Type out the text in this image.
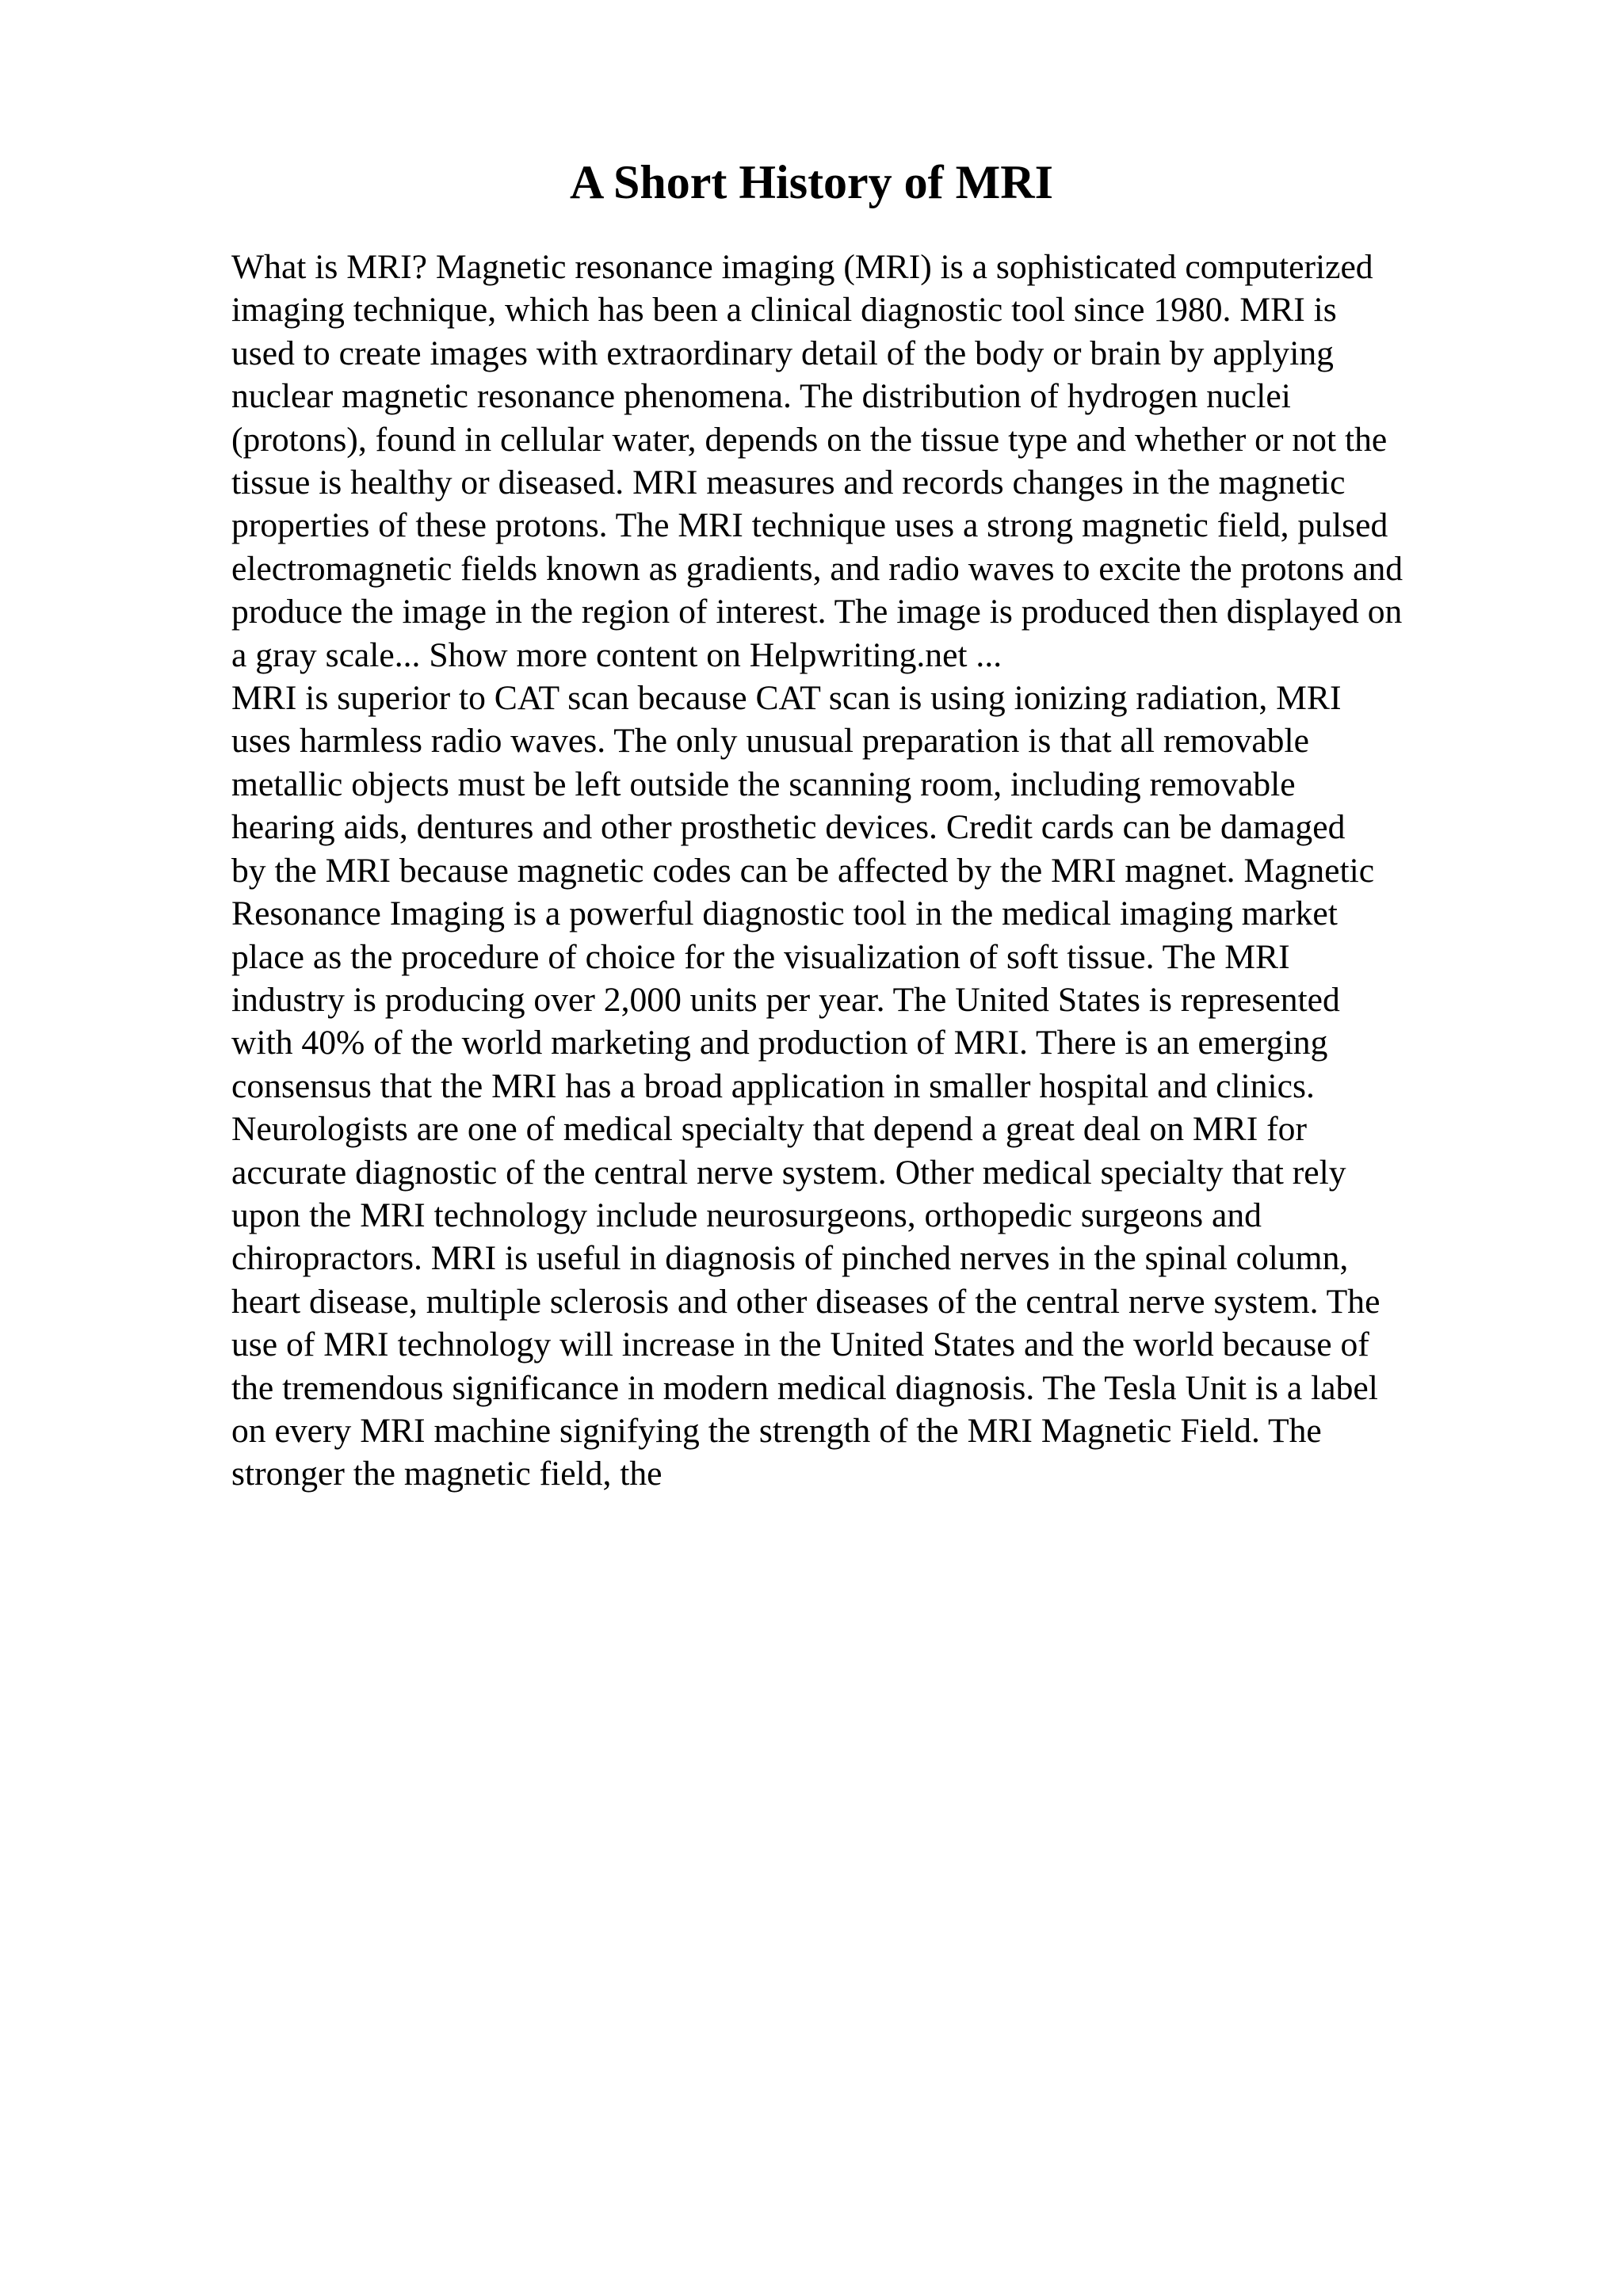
A Short History of MRI
What is MRI? Magnetic resonance imaging (MRI) is a sophisticated computerized
imaging technique, which has been a clinical diagnostic tool since 1980. MRI is
used to create images with extraordinary detail of the body or brain by applying
nuclear magnetic resonance phenomena. The distribution of hydrogen nuclei
(protons), found in cellular water, depends on the tissue type and whether or not the
tissue is healthy or diseased. MRI measures and records changes in the magnetic
properties of these protons. The MRI technique uses a strong magnetic field, pulsed
electromagnetic fields known as gradients, and radio waves to excite the protons and
produce the image in the region of interest. The image is produced then displayed on
a gray scale... Show more content on Helpwriting.net ...
MRI is superior to CAT scan because CAT scan is using ionizing radiation, MRI
uses harmless radio waves. The only unusual preparation is that all removable
metallic objects must be left outside the scanning room, including removable
hearing aids, dentures and other prosthetic devices. Credit cards can be damaged
by the MRI because magnetic codes can be affected by the MRI magnet. Magnetic
Resonance Imaging is a powerful diagnostic tool in the medical imaging market
place as the procedure of choice for the visualization of soft tissue. The MRI
industry is producing over 2,000 units per year. The United States is represented
with 40% of the world marketing and production of MRI. There is an emerging
consensus that the MRI has a broad application in smaller hospital and clinics.
Neurologists are one of medical specialty that depend a great deal on MRI for
accurate diagnostic of the central nerve system. Other medical specialty that rely
upon the MRI technology include neurosurgeons, orthopedic surgeons and
chiropractors. MRI is useful in diagnosis of pinched nerves in the spinal column,
heart disease, multiple sclerosis and other diseases of the central nerve system. The
use of MRI technology will increase in the United States and the world because of
the tremendous significance in modern medical diagnosis. The Tesla Unit is a label
on every MRI machine signifying the strength of the MRI Magnetic Field. The
stronger the magnetic field, the
